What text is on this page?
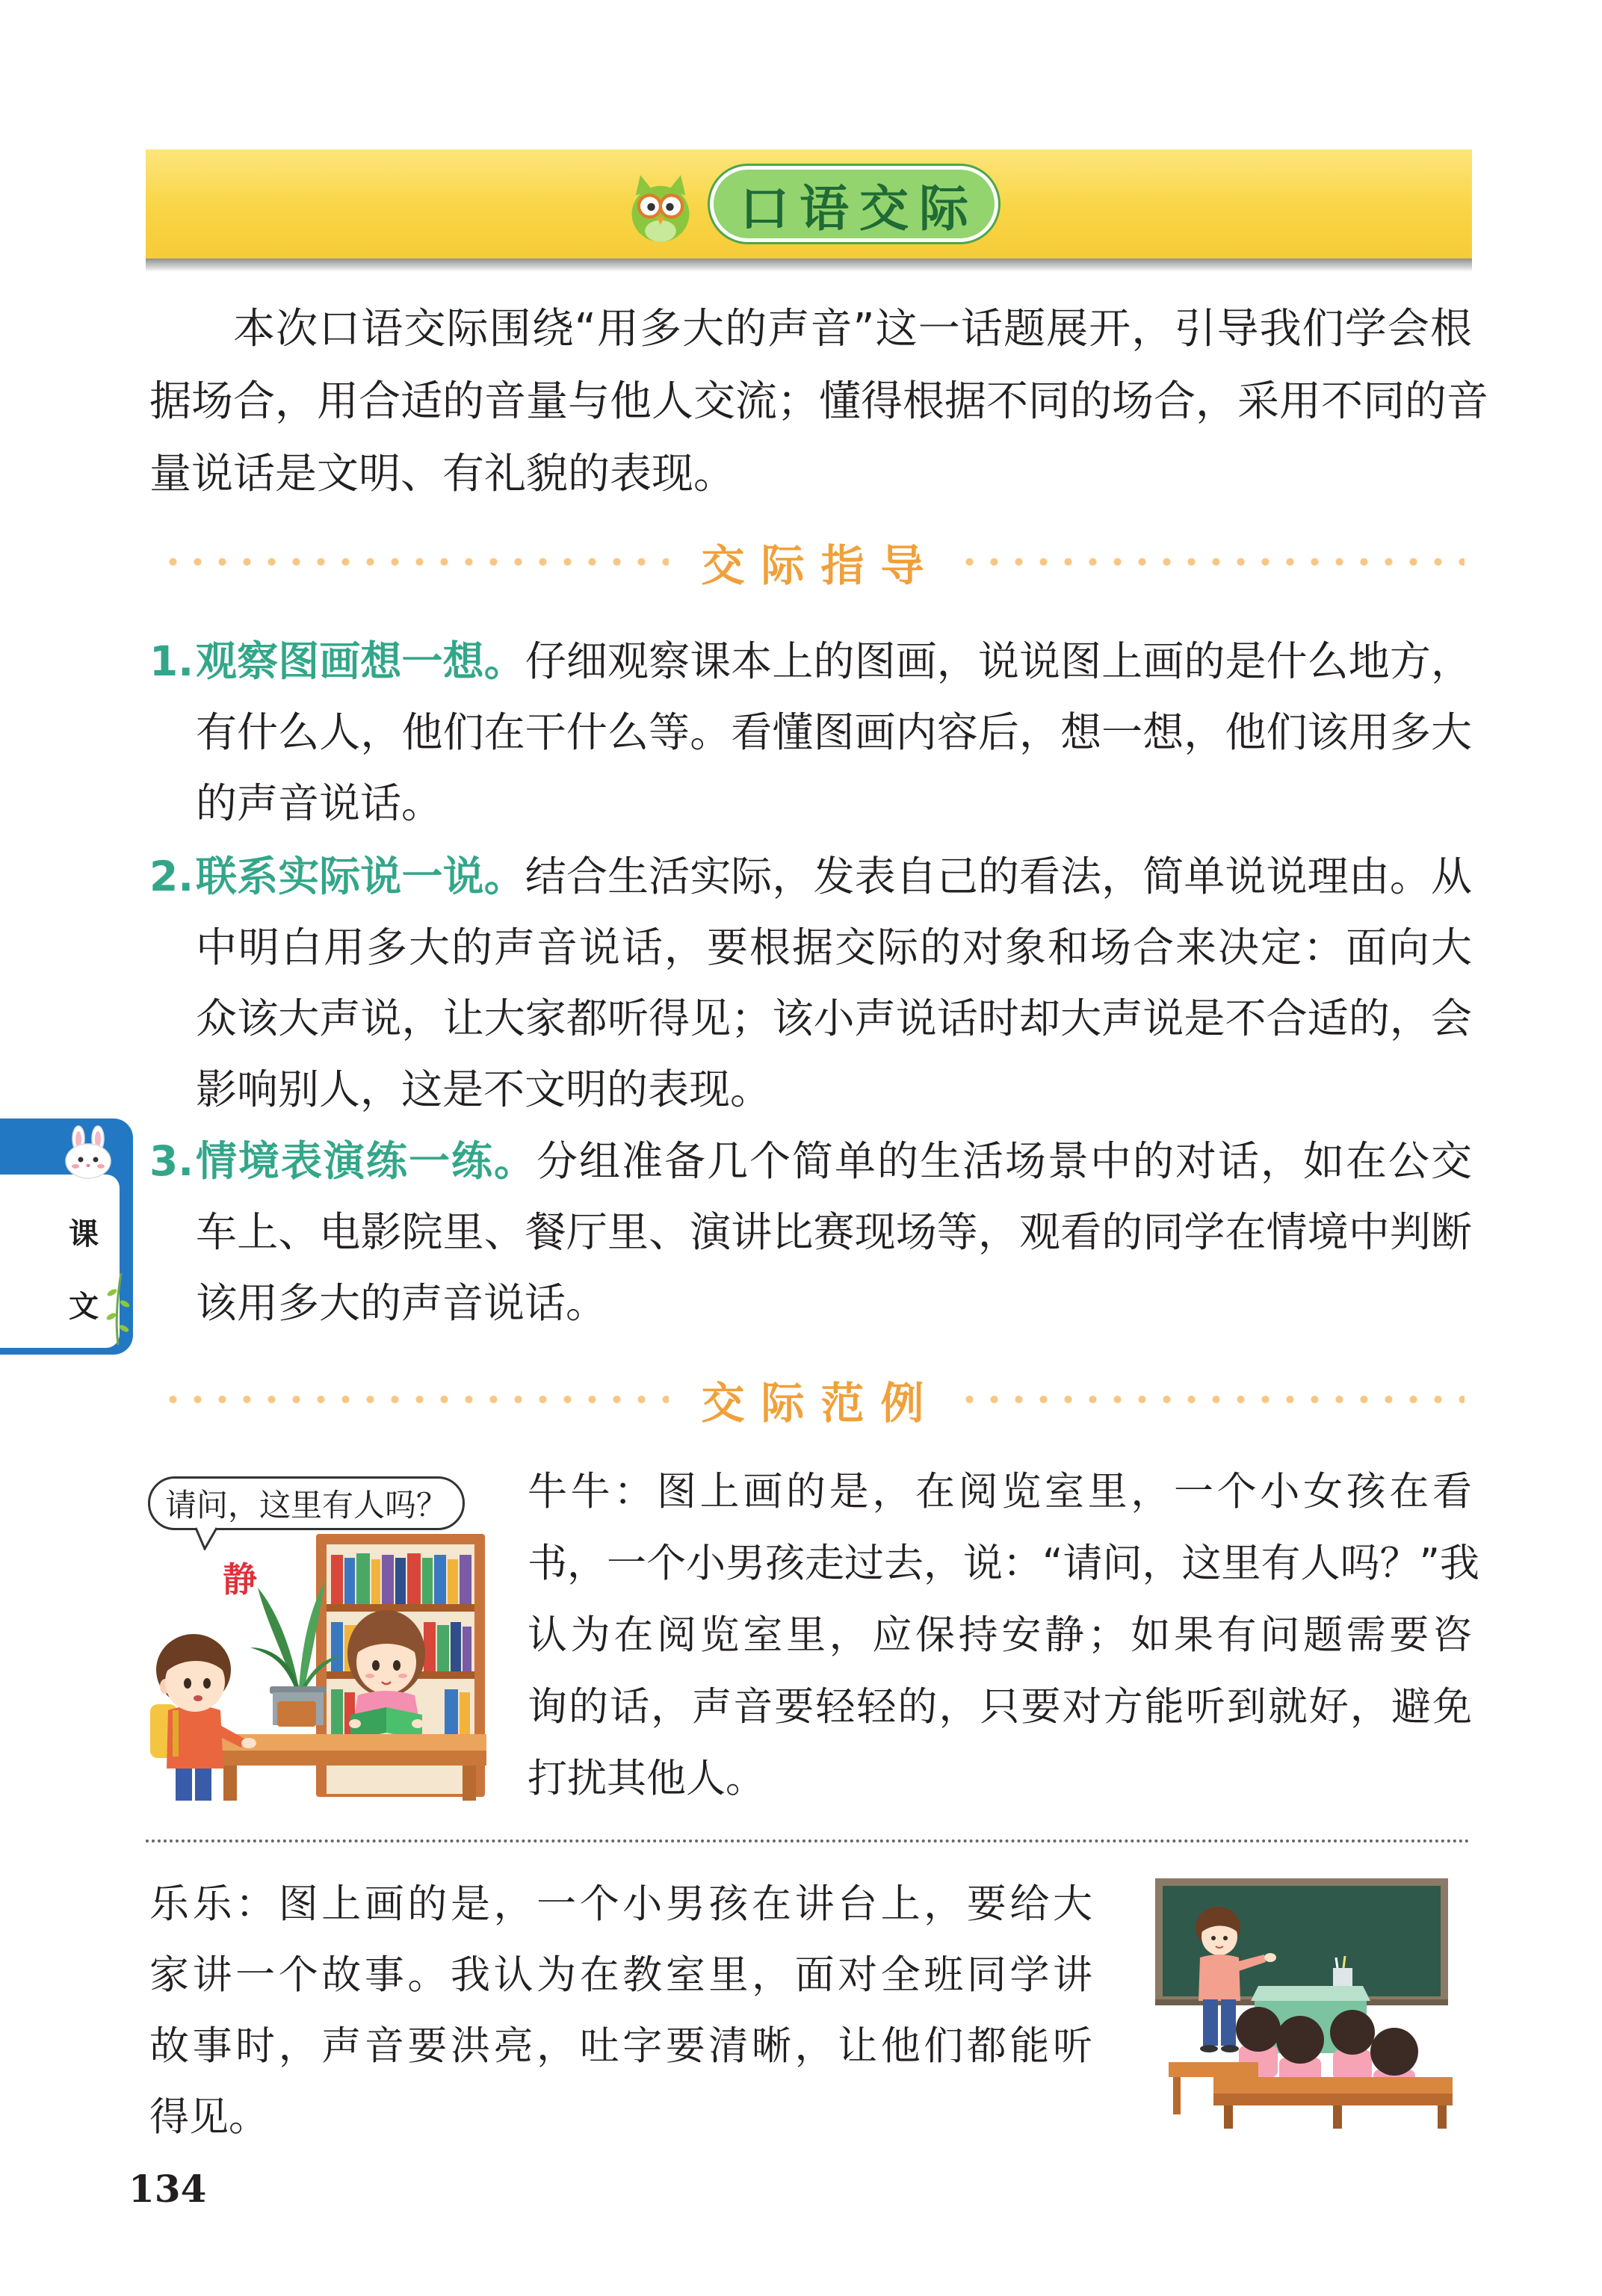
口语交际
本次口语交际围绕“用多大的声音”这一话题展开，引导我们学会根
据场合，用合适的音量与他人交流；懂得根据不同的场合，采用不同的音
量说话是文明、有礼貌的表现。
交际指导
1. 观察图画想一想。仔细观察课本上的图画，说说图上画的是什么地方，
有什么人，他们在干什么等。看懂图画内容后，想一想，他们该用多大
的声音说话。
2. 联系实际说一说。结合生活实际，发表自己的看法，简单说说理由。从
中明白用多大的声音说话，要根据交际的对象和场合来决定：面向大
众该大声说，让大家都听得见；该小声说话时却大声说是不合适的，会
影响别人，这是不文明的表现。
3. 情境表演练一练。分组准备几个简单的生活场景中的对话，如在公交
车上、电影院里、餐厅里、演讲比赛现场等，观看的同学在情境中判断
该用多大的声音说话。
课
文
交际范例
静
请问，这里有人吗？	牛牛：图上画的是，在阅览室里，一个小女孩在看
书，一个小男孩走过去，说：“请问，这里有人吗？”我
认为在阅览室里，应保持安静；如果有问题需要咨
询的话，声音要轻轻的，只要对方能听到就好，避免
打扰其他人。
乐乐：图上画的是，一个小男孩在讲台上，要给大
家讲一个故事。我认为在教室里，面对全班同学讲
故事时，声音要洪亮，吐字要清晰，让他们都能听
得见。
134
